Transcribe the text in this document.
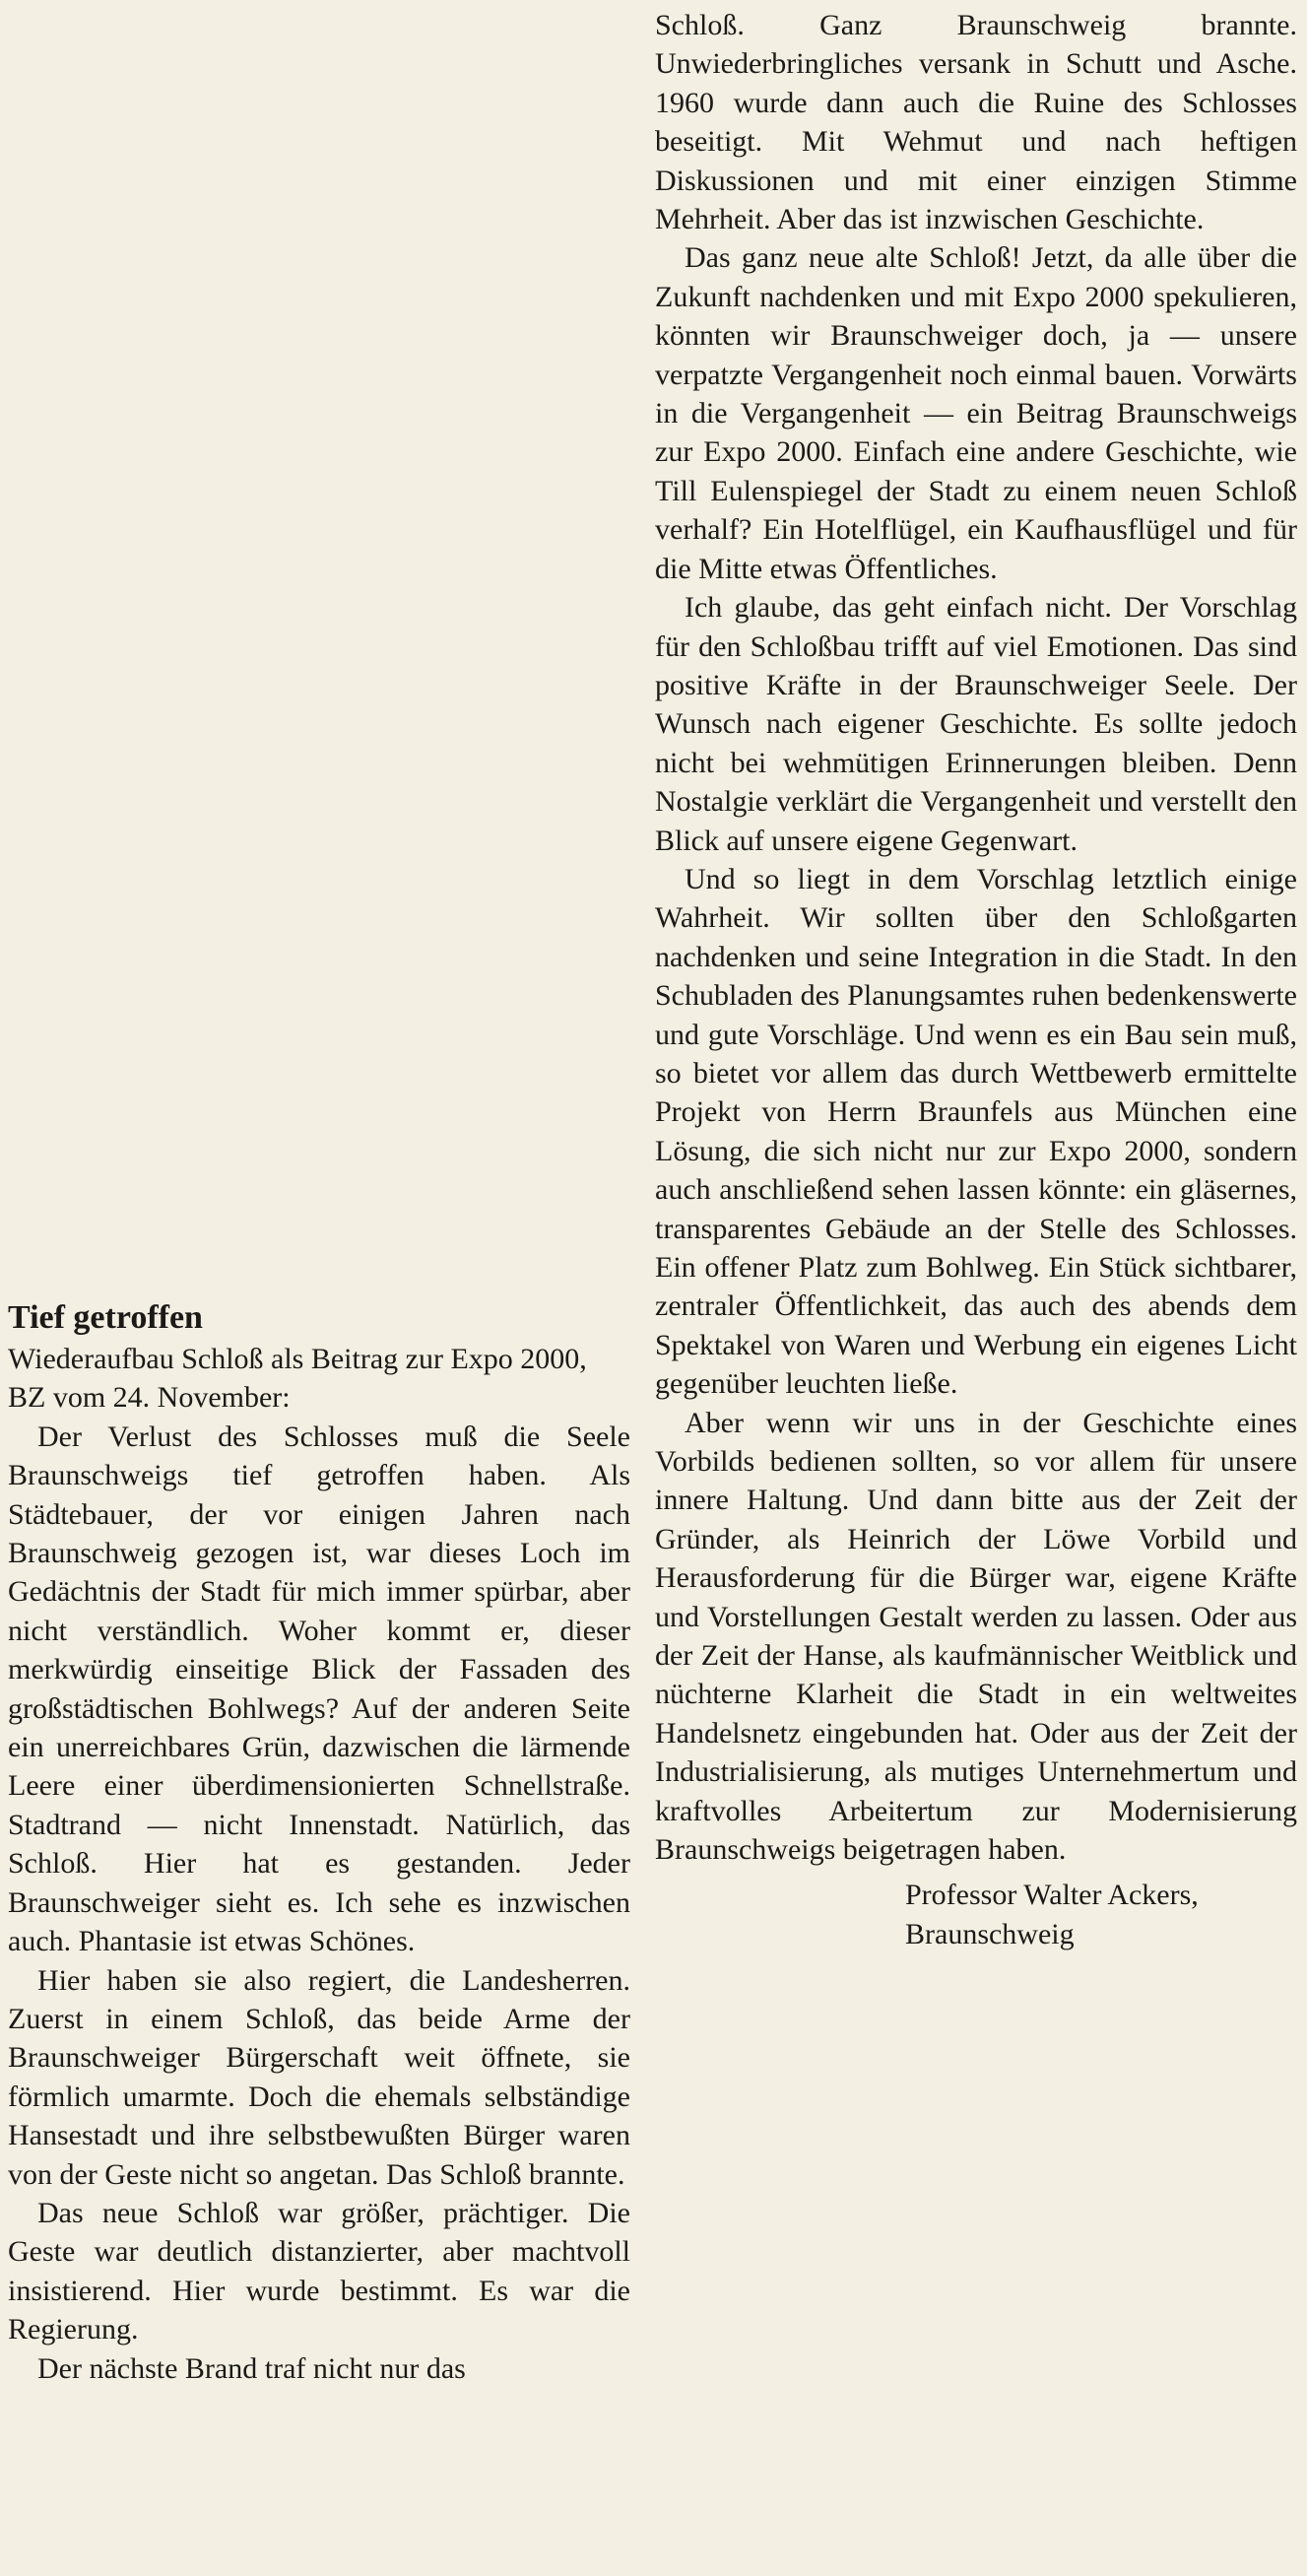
Tief getroffen

Wiederaufbau Schloß als Beitrag zur Expo 2000, BZ vom 24. November:

Der Verlust des Schlosses muß die Seele Braunschweigs tief getroffen haben. Als Städtebauer, der vor einigen Jahren nach Braunschweig gezogen ist, war dieses Loch im Gedächtnis der Stadt für mich immer spürbar, aber nicht verständlich. Woher kommt er, dieser merkwürdig einseitige Blick der Fassaden des großstädtischen Bohlwegs? Auf der anderen Seite ein unerreichbares Grün, dazwischen die lärmende Leere einer überdimensionierten Schnellstraße. Stadtrand — nicht Innenstadt. Natürlich, das Schloß. Hier hat es gestanden. Jeder Braunschweiger sieht es. Ich sehe es inzwischen auch. Phantasie ist etwas Schönes.

Hier haben sie also regiert, die Landesherren. Zuerst in einem Schloß, das beide Arme der Braunschweiger Bürgerschaft weit öffnete, sie förmlich umarmte. Doch die ehemals selbständige Hansestadt und ihre selbstbewußten Bürger waren von der Geste nicht so angetan. Das Schloß brannte.

Das neue Schloß war größer, prächtiger. Die Geste war deutlich distanzierter, aber machtvoll insistierend. Hier wurde bestimmt. Es war die Regierung.

Der nächste Brand traf nicht nur das

Schloß. Ganz Braunschweig brannte. Unwiederbringliches versank in Schutt und Asche. 1960 wurde dann auch die Ruine des Schlosses beseitigt. Mit Wehmut und nach heftigen Diskussionen und mit einer einzigen Stimme Mehrheit. Aber das ist inzwischen Geschichte.

Das ganz neue alte Schloß! Jetzt, da alle über die Zukunft nachdenken und mit Expo 2000 spekulieren, könnten wir Braunschweiger doch, ja — unsere verpatzte Vergangenheit noch einmal bauen. Vorwärts in die Vergangenheit — ein Beitrag Braunschweigs zur Expo 2000. Einfach eine andere Geschichte, wie Till Eulenspiegel der Stadt zu einem neuen Schloß verhalf? Ein Hotelflügel, ein Kaufhausflügel und für die Mitte etwas Öffentliches.

Ich glaube, das geht einfach nicht. Der Vorschlag für den Schloßbau trifft auf viel Emotionen. Das sind positive Kräfte in der Braunschweiger Seele. Der Wunsch nach eigener Geschichte. Es sollte jedoch nicht bei wehmütigen Erinnerungen bleiben. Denn Nostalgie verklärt die Vergangenheit und verstellt den Blick auf unsere eigene Gegenwart.

Und so liegt in dem Vorschlag letztlich einige Wahrheit. Wir sollten über den Schloßgarten nachdenken und seine Integration in die Stadt. In den Schubladen des Planungsamtes ruhen bedenkenswerte und gute Vorschläge. Und wenn es ein Bau sein muß, so bietet vor allem das durch Wettbewerb ermittelte Projekt von Herrn Braunfels aus München eine Lösung, die sich nicht nur zur Expo 2000, sondern auch anschließend sehen lassen könnte: ein gläsernes, transparentes Gebäude an der Stelle des Schlosses. Ein offener Platz zum Bohlweg. Ein Stück sichtbarer, zentraler Öffentlichkeit, das auch des abends dem Spektakel von Waren und Werbung ein eigenes Licht gegenüber leuchten ließe.

Aber wenn wir uns in der Geschichte eines Vorbilds bedienen sollten, so vor allem für unsere innere Haltung. Und dann bitte aus der Zeit der Gründer, als Heinrich der Löwe Vorbild und Herausforderung für die Bürger war, eigene Kräfte und Vorstellungen Gestalt werden zu lassen. Oder aus der Zeit der Hanse, als kaufmännischer Weitblick und nüchterne Klarheit die Stadt in ein weltweites Handelsnetz eingebunden hat. Oder aus der Zeit der Industrialisierung, als mutiges Unternehmertum und kraftvolles Arbeitertum zur Modernisierung Braunschweigs beigetragen haben.

Professor Walter Ackers,
Braunschweig
